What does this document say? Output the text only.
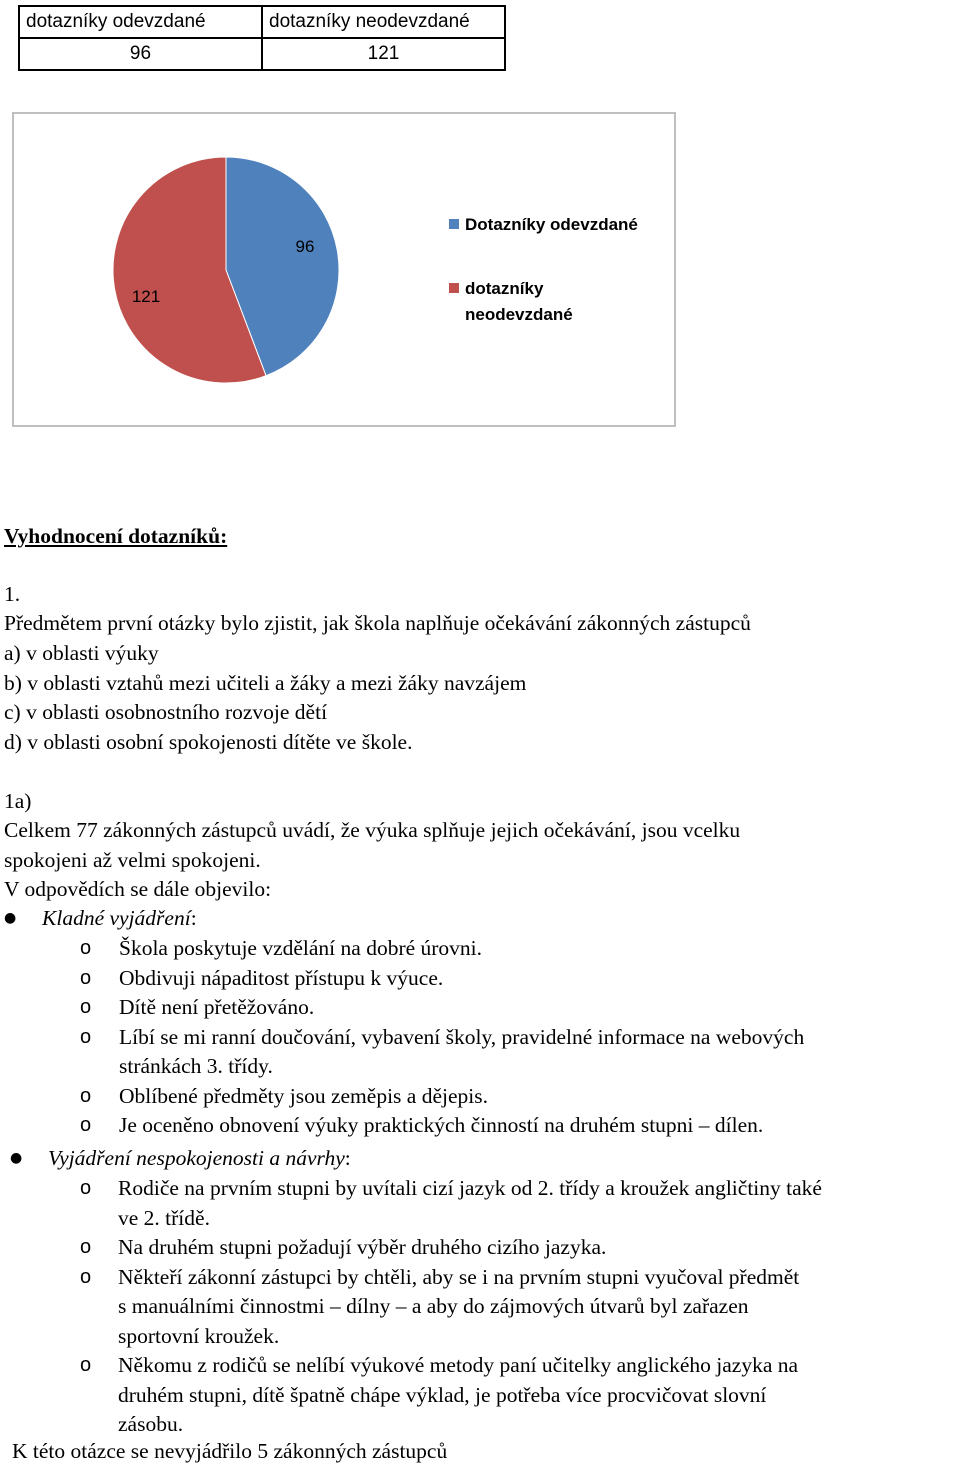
dotazníky odevzdané	dotazníky neodevzdané
96	121
96
121
Dotazníky odevzdané
dotazníky
neodevzdané
Vyhodnocení dotazníků:
1.
Předmětem první otázky bylo zjistit, jak škola naplňuje očekávání zákonných zástupců
a) v oblasti výuky
b) v oblasti vztahů mezi učiteli a žáky a mezi žáky navzájem
c) v oblasti osobnostního rozvoje dětí
d) v oblasti osobní spokojenosti dítěte ve škole.
1a)
Celkem 77 zákonných zástupců uvádí, že výuka splňuje jejich očekávání, jsou vcelku
spokojeni až velmi spokojeni.
V odpovědích se dále objevilo:
● Kladné vyjádření:
o Škola poskytuje vzdělání na dobré úrovni.
o Obdivuji nápaditost přístupu k výuce.
o Dítě není přetěžováno.
o Líbí se mi ranní doučování, vybavení školy, pravidelné informace na webových
stránkách 3. třídy.
o Oblíbené předměty jsou zeměpis a dějepis.
o Je oceněno obnovení výuky praktických činností na druhém stupni – dílen.
● Vyjádření nespokojenosti a návrhy:
o Rodiče na prvním stupni by uvítali cizí jazyk od 2. třídy a kroužek angličtiny také
ve 2. třídě.
o Na druhém stupni požadují výběr druhého cizího jazyka.
o Někteří zákonní zástupci by chtěli, aby se i na prvním stupni vyučoval předmět
s manuálními činnostmi – dílny – a aby do zájmových útvarů byl zařazen
sportovní kroužek.
o Někomu z rodičů se nelíbí výukové metody paní učitelky anglického jazyka na
druhém stupni, dítě špatně chápe výklad, je potřeba více procvičovat slovní
zásobu.
K této otázce se nevyjádřilo 5 zákonných zástupců
